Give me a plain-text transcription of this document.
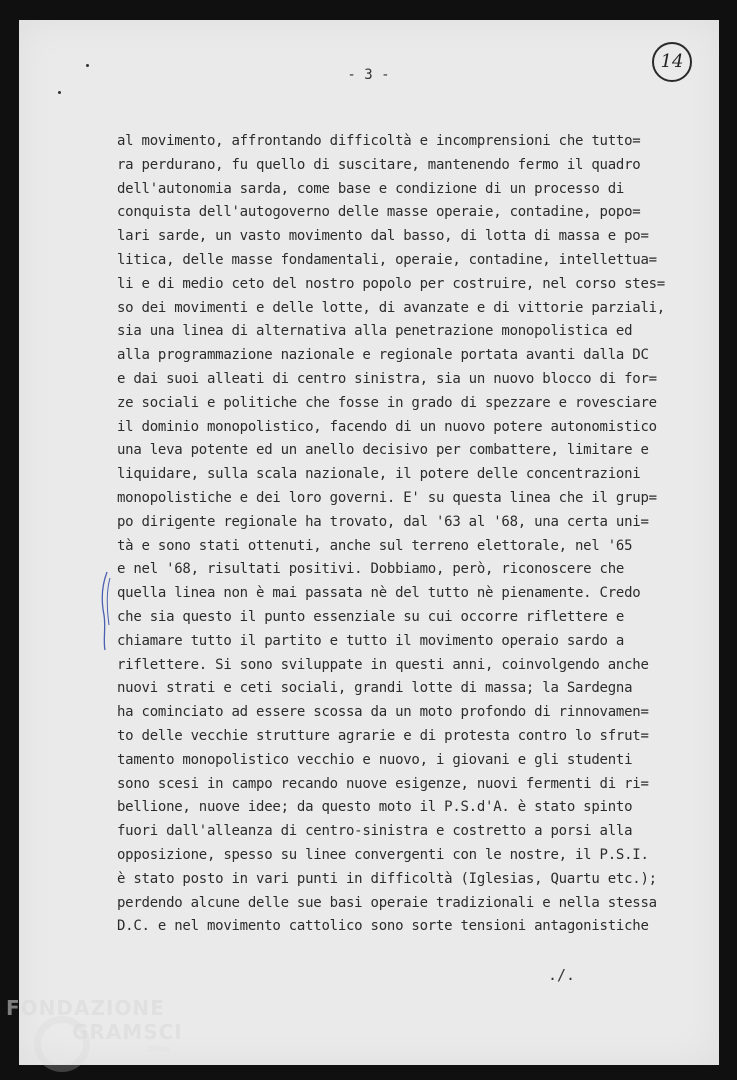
- 3 -
14
al movimento, affrontando difficoltà e incomprensioni che tutto=
ra perdurano, fu quello di suscitare, mantenendo fermo il quadro
dell'autonomia sarda, come base e condizione di un processo di
conquista dell'autogoverno delle masse operaie, contadine, popo=
lari sarde, un vasto movimento dal basso, di lotta di massa e po=
litica, delle masse fondamentali, operaie, contadine, intellettua=
li e di medio ceto del nostro popolo per costruire, nel corso stes=
so dei movimenti e delle lotte, di avanzate e di vittorie parziali,
sia una linea di alternativa alla penetrazione monopolistica ed
alla programmazione nazionale e regionale portata avanti dalla DC
e dai suoi alleati di centro sinistra, sia un nuovo blocco di for=
ze sociali e politiche che fosse in grado di spezzare e rovesciare
il dominio monopolistico, facendo di un nuovo potere autonomistico
una leva potente ed un anello decisivo per combattere, limitare e
liquidare, sulla scala nazionale, il potere delle concentrazioni
monopolistiche e dei loro governi. E' su questa linea che il grup=
po dirigente regionale ha trovato, dal '63 al '68, una certa uni=
tà e sono stati ottenuti, anche sul terreno elettorale, nel '65
e nel '68, risultati positivi. Dobbiamo, però, riconoscere che
quella linea non è mai passata nè del tutto nè pienamente. Credo
che sia questo il punto essenziale su cui occorre riflettere e
chiamare tutto il partito e tutto il movimento operaio sardo a
riflettere. Si sono sviluppate in questi anni, coinvolgendo anche
nuovi strati e ceti sociali, grandi lotte di massa; la Sardegna
ha cominciato ad essere scossa da un moto profondo di rinnovamen=
to delle vecchie strutture agrarie e di protesta contro lo sfrut=
tamento monopolistico vecchio e nuovo, i giovani e gli studenti
sono scesi in campo recando nuove esigenze, nuovi fermenti di ri=
bellione, nuove idee; da questo moto il P.S.d'A. è stato spinto
fuori dall'alleanza di centro-sinistra e costretto a porsi alla
opposizione, spesso su linee convergenti con le nostre, il P.S.I.
è stato posto in vari punti in difficoltà (Iglesias, Quartu etc.);
perdendo alcune delle sue basi operaie tradizionali e nella stessa
D.C. e nel movimento cattolico sono sorte tensioni antagonistiche
./.
FONDAZIONE
GRAMSCI
onlus
